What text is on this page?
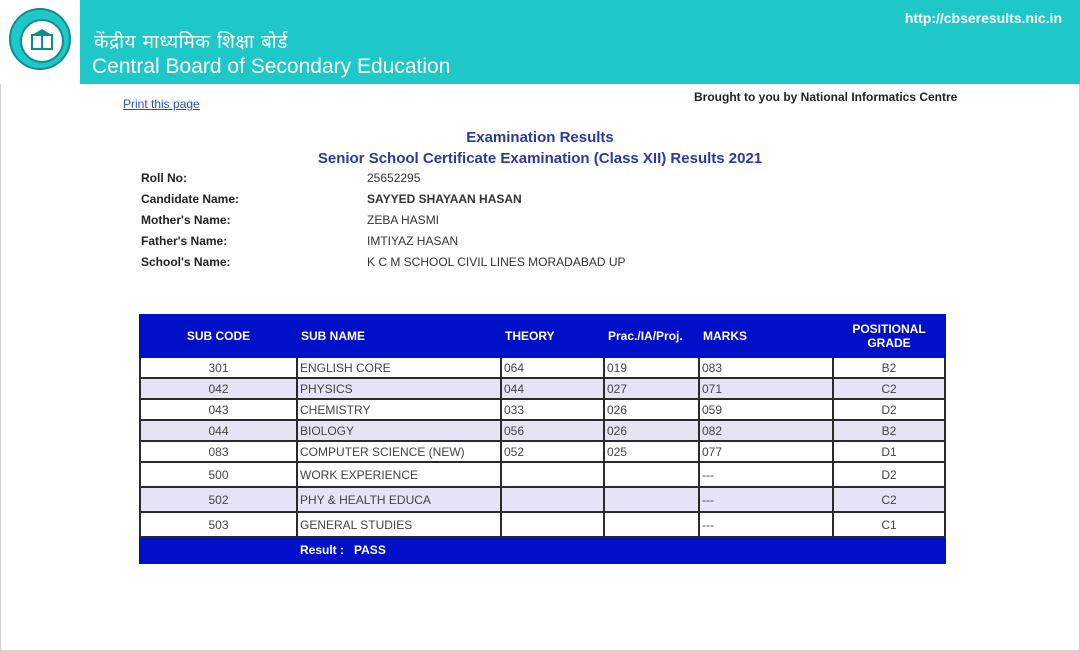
केंद्रीय माध्यमिक शिक्षा बोर्ड
Central Board of Secondary Education
http://cbseresults.nic.in
Print this page	Brought to you by National Informatics Centre
Examination Results
Senior School Certificate Examination (Class XII) Results 2021
Roll No:	25652295
Candidate Name:	SAYYED SHAYAAN HASAN
Mother's Name:	ZEBA HASMI
Father's Name:	IMTIYAZ HASAN
School's Name:	K C M SCHOOL CIVIL LINES MORADABAD UP
SUB CODE	SUB NAME	THEORY	Prac./IA/Proj.	MARKS	POSITIONAL
GRADE
301	ENGLISH CORE	064	019	083	B2
042	PHYSICS	044	027	071	C2
043	CHEMISTRY	033	026	059	D2
044	BIOLOGY	056	026	082	B2
083	COMPUTER SCIENCE (NEW)	052	025	077	D1
500	WORK EXPERIENCE			---	D2
502	PHY & HEALTH EDUCA			---	C2
503	GENERAL STUDIES			---	C1
	Result : PASS				
